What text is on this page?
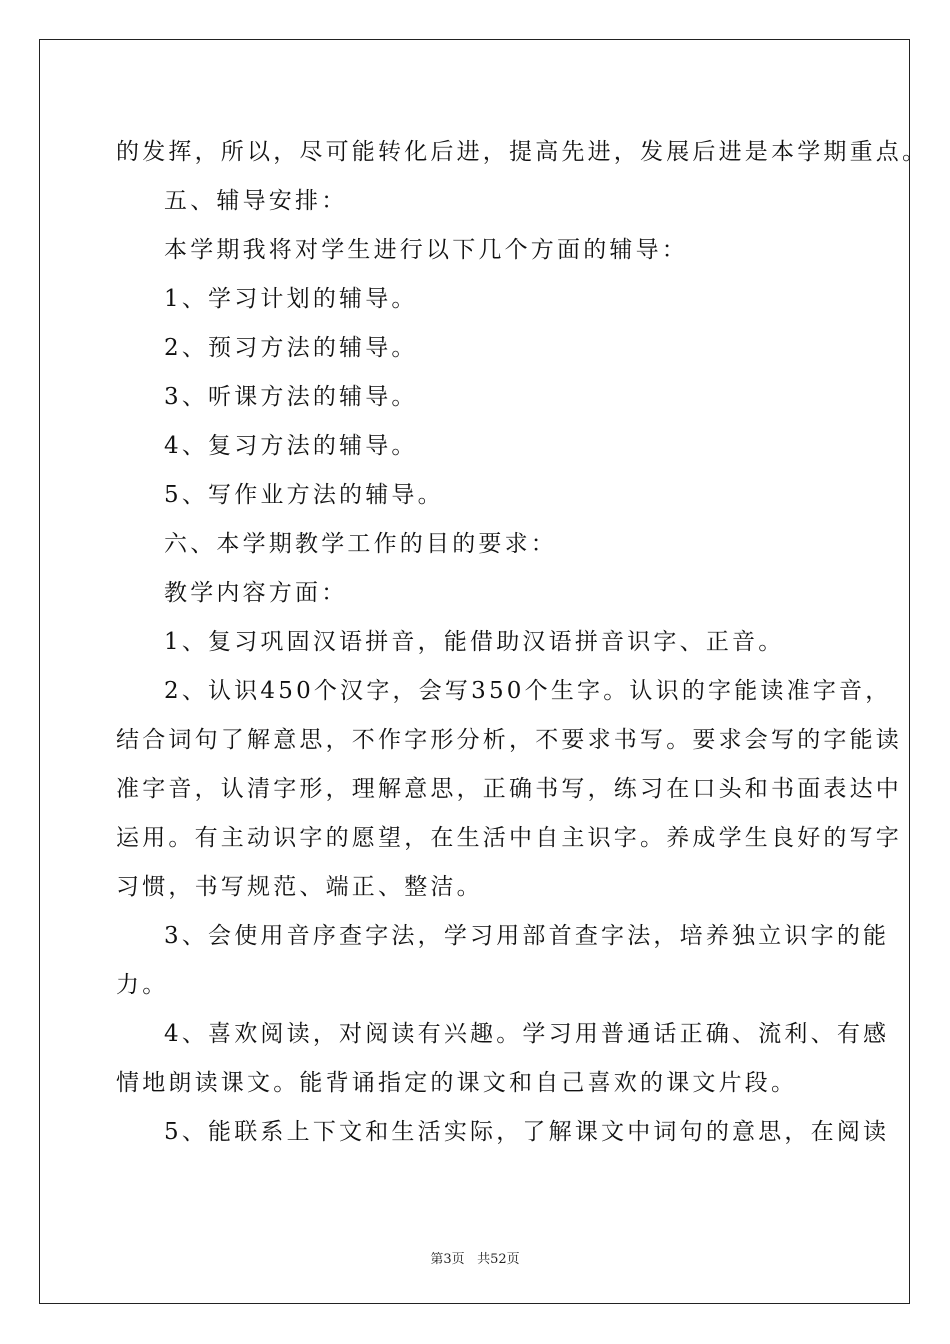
的发挥，所以，尽可能转化后进，提高先进，发展后进是本学期重点。
五、辅导安排：
本学期我将对学生进行以下几个方面的辅导：
1、学习计划的辅导。
2、预习方法的辅导。
3、听课方法的辅导。
4、复习方法的辅导。
5、写作业方法的辅导。
六、本学期教学工作的目的要求：
教学内容方面：
1、复习巩固汉语拼音，能借助汉语拼音识字、正音。
2、认识450个汉字，会写350个生字。认识的字能读准字音，
结合词句了解意思，不作字形分析，不要求书写。要求会写的字能读
准字音，认清字形，理解意思，正确书写，练习在口头和书面表达中
运用。有主动识字的愿望，在生活中自主识字。养成学生良好的写字
习惯，书写规范、端正、整洁。
3、会使用音序查字法，学习用部首查字法，培养独立识字的能
力。
4、喜欢阅读，对阅读有兴趣。学习用普通话正确、流利、有感
情地朗读课文。能背诵指定的课文和自己喜欢的课文片段。
5、能联系上下文和生活实际，了解课文中词句的意思，在阅读
第3页 共52页
